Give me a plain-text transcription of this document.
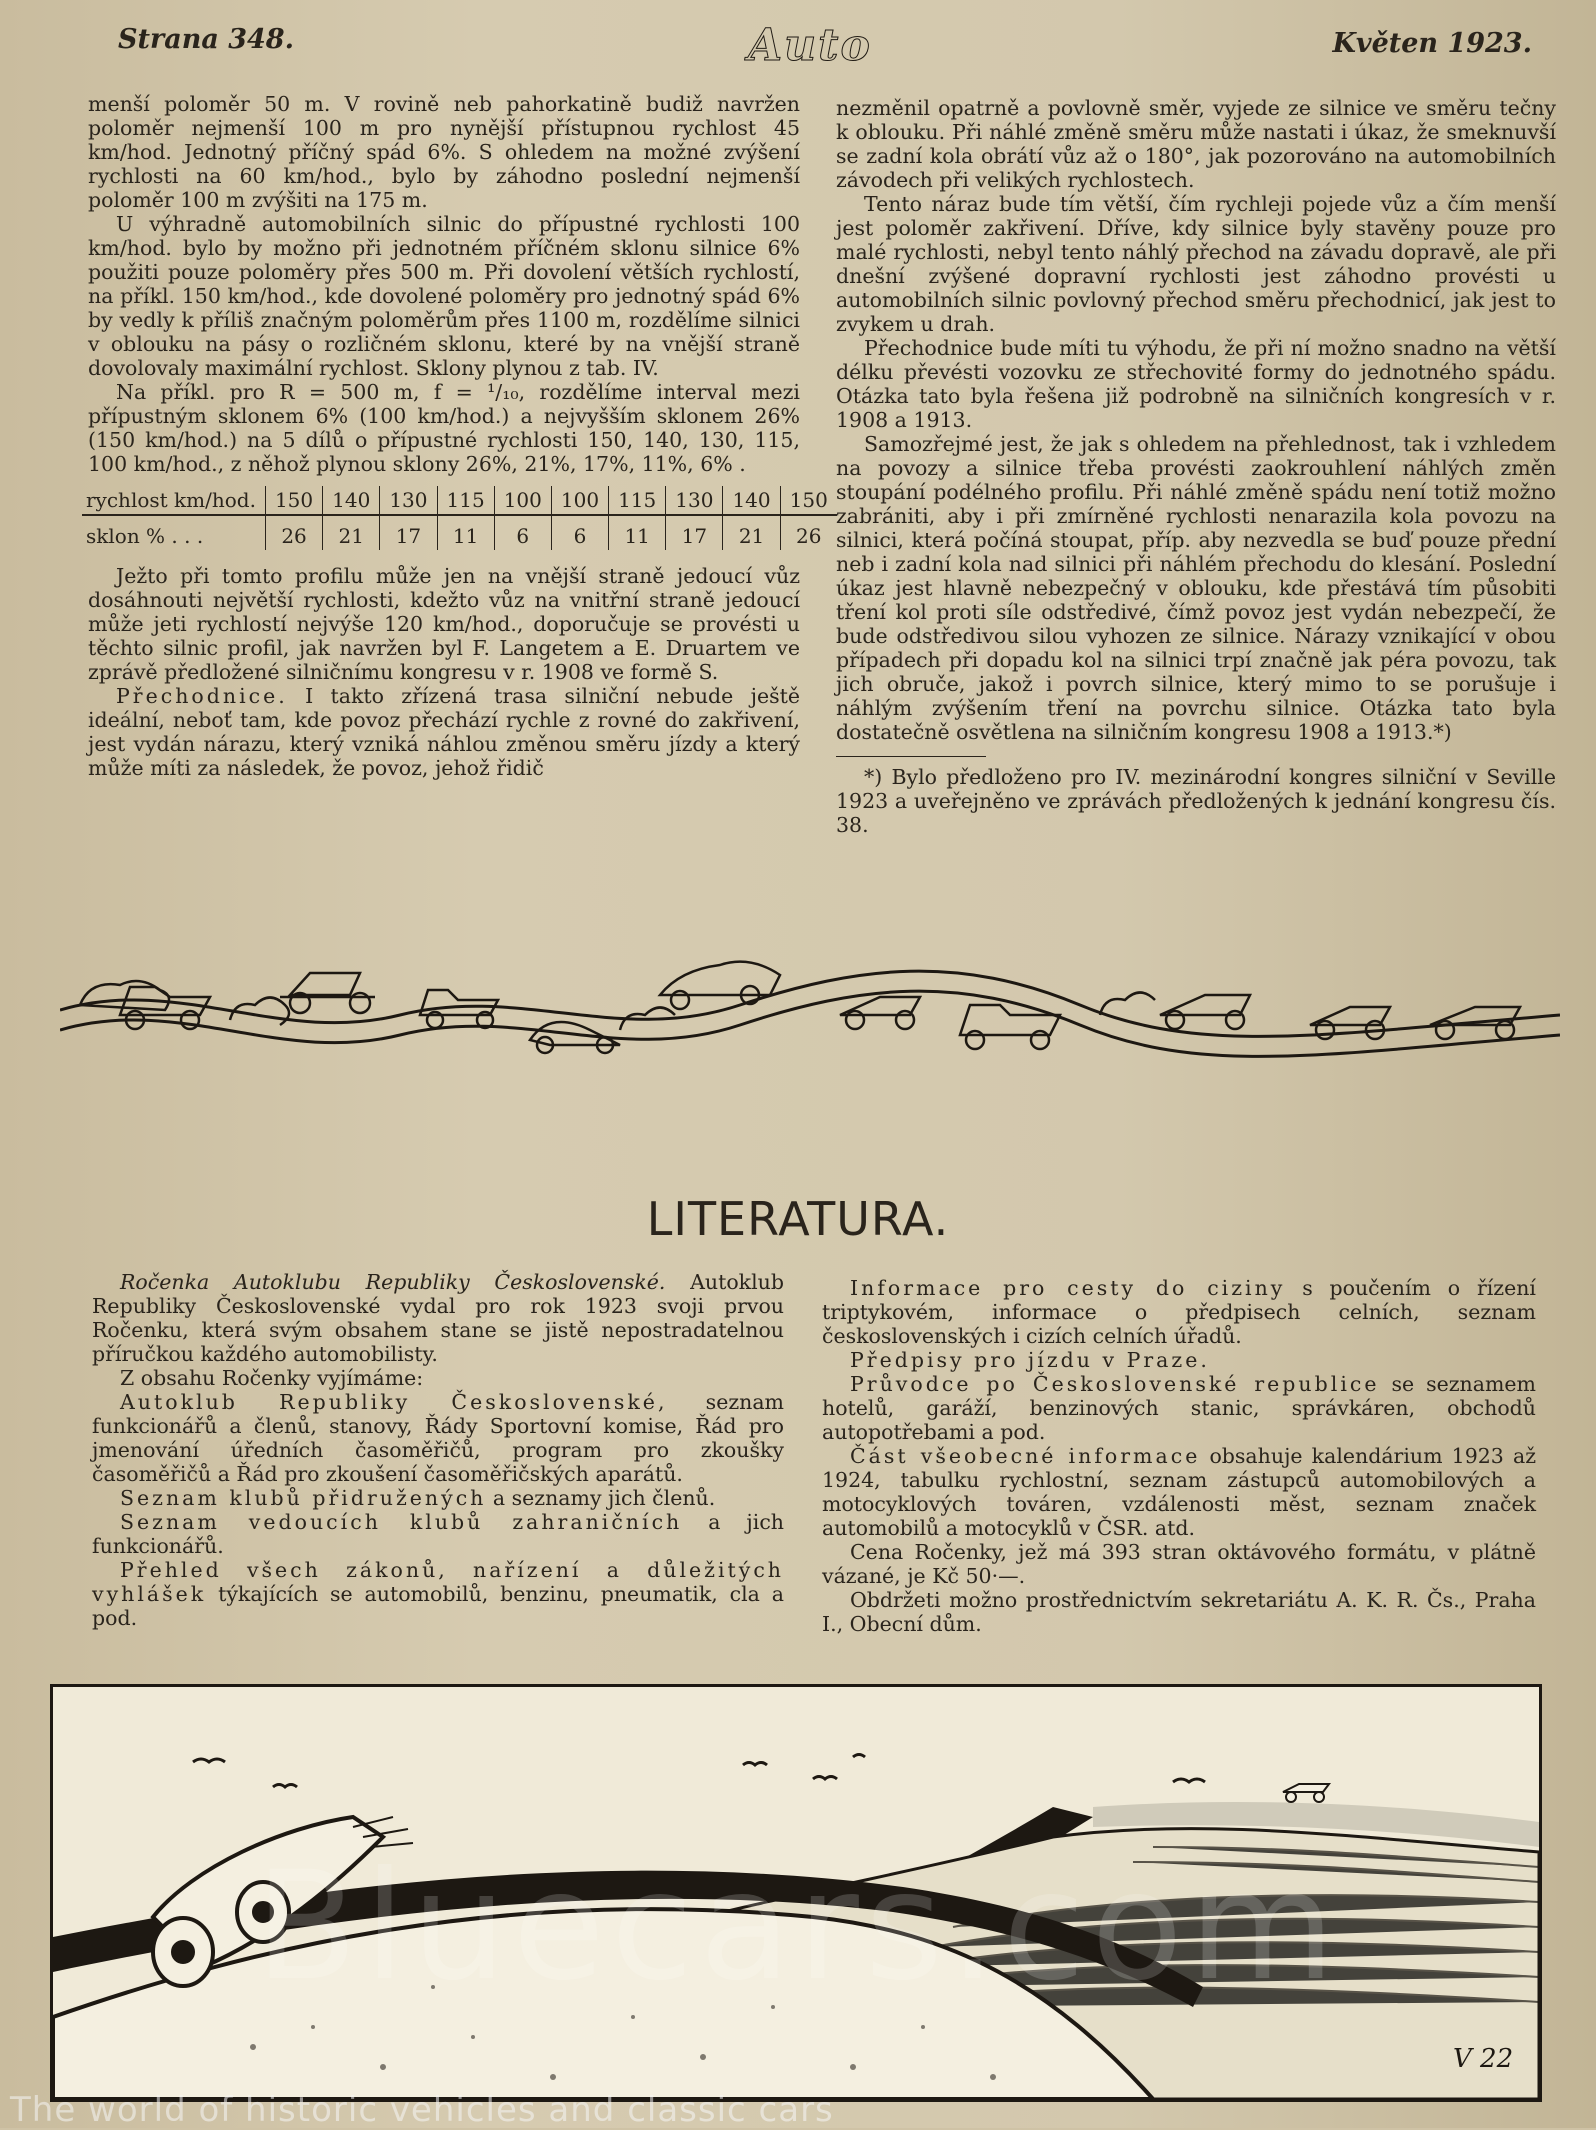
Strana 348.	Auto	Květen 1923.

menší poloměr 50 m. V rovině neb pahorkatině budiž navržen poloměr nejmenší 100 m pro nynější přístupnou rychlost 45 km/hod. Jednotný příčný spád 6%. S ohledem na možné zvýšení rychlosti na 60 km/hod., bylo by záhodno poslední nejmenší poloměr 100 m zvýšiti na 175 m.

U výhradně automobilních silnic do přípustné rychlosti 100 km/hod. bylo by možno při jednotném příčném sklonu silnice 6% použiti pouze poloměry přes 500 m. Při dovolení větších rychlostí, na příkl. 150 km/hod., kde dovolené poloměry pro jednotný spád 6% by vedly k příliš značným poloměrům přes 1100 m, rozdělíme silnici v oblouku na pásy o rozličném sklonu, které by na vnější straně dovolovaly maximální rychlost. Sklony plynou z tab. IV.

Na příkl. pro R = 500 m, f = ¹/₁₀, rozdělíme interval mezi přípustným sklonem 6% (100 km/hod.) a nejvyšším sklonem 26% (150 km/hod.) na 5 dílů o přípustné rychlosti 150, 140, 130, 115, 100 km/hod., z něhož plynou sklony 26%, 21%, 17%, 11%, 6% .

rychlost km/hod.	150	140	130	115	100	100	115	130	140	150
sklon % . . .	26	21	17	11	6	6	11	17	21	26

Ježto při tomto profilu může jen na vnější straně jedoucí vůz dosáhnouti největší rychlosti, kdežto vůz na vnitřní straně jedoucí může jeti rychlostí nejvýše 120 km/hod., doporučuje se provésti u těchto silnic profil, jak navržen byl F. Langetem a E. Druartem ve zprávě předložené silničnímu kongresu v r. 1908 ve formě S.

Přechodnice. I takto zřízená trasa silniční nebude ještě ideální, neboť tam, kde povoz přechází rychle z rovné do zakřivení, jest vydán nárazu, který vzniká náhlou změnou směru jízdy a který může míti za následek, že povoz, jehož řidič

nezměnil opatrně a povlovně směr, vyjede ze silnice ve směru tečny k oblouku. Při náhlé změně směru může nastati i úkaz, že smeknuvší se zadní kola obrátí vůz až o 180°, jak pozorováno na automobilních závodech při velikých rychlostech.

Tento náraz bude tím větší, čím rychleji pojede vůz a čím menší jest poloměr zakřivení. Dříve, kdy silnice byly stavěny pouze pro malé rychlosti, nebyl tento náhlý přechod na závadu dopravě, ale při dnešní zvýšené dopravní rychlosti jest záhodno provésti u automobilních silnic povlovný přechod směru přechodnicí, jak jest to zvykem u drah.

Přechodnice bude míti tu výhodu, že při ní možno snadno na větší délku převésti vozovku ze střechovité formy do jednotného spádu. Otázka tato byla řešena již podrobně na silničních kongresích v r. 1908 a 1913.

Samozřejmé jest, že jak s ohledem na přehlednost, tak i vzhledem na povozy a silnice třeba provésti zaokrouhlení náhlých změn stoupání podélného profilu. Při náhlé změně spádu není totiž možno zabrániti, aby i při zmírněné rychlosti nenarazila kola povozu na silnici, která počíná stoupat, příp. aby nezvedla se buď pouze přední neb i zadní kola nad silnici při náhlém přechodu do klesání. Poslední úkaz jest hlavně nebezpečný v oblouku, kde přestává tím působiti tření kol proti síle odstředivé, čímž povoz jest vydán nebezpečí, že bude odstředivou silou vyhozen ze silnice. Nárazy vznikající v obou případech při dopadu kol na silnici trpí značně jak péra povozu, tak jich obruče, jakož i povrch silnice, který mimo to se porušuje i náhlým zvýšením tření na povrchu silnice. Otázka tato byla dostatečně osvětlena na silničním kongresu 1908 a 1913.*)

*) Bylo předloženo pro IV. mezinárodní kongres silniční v Seville 1923 a uveřejněno ve zprávách předložených k jednání kongresu čís. 38.

LITERATURA.

Ročenka Autoklubu Republiky Československé. Autoklub Republiky Československé vydal pro rok 1923 svoji prvou Ročenku, která svým obsahem stane se jistě nepostradatelnou příručkou každého automobilisty.

Z obsahu Ročenky vyjímáme:

Autoklub Republiky Československé, seznam funkcionářů a členů, stanovy, Řády Sportovní komise, Řád pro jmenování úředních časoměřičů, program pro zkoušky časoměřičů a Řád pro zkoušení časoměřičských aparátů.

Seznam klubů přidružených a seznamy jich členů.

Seznam vedoucích klubů zahraničních a jich funkcionářů.

Přehled všech zákonů, nařízení a důležitých vyhlášek týkajících se automobilů, benzinu, pneumatik, cla a pod.

Informace pro cesty do ciziny s poučením o řízení triptykovém, informace o předpisech celních, seznam československých i cizích celních úřadů.

Předpisy pro jízdu v Praze.

Průvodce po Československé republice se seznamem hotelů, garáží, benzinových stanic, správkáren, obchodů autopotřebami a pod.

Část všeobecné informace obsahuje kalendárium 1923 až 1924, tabulku rychlostní, seznam zástupců automobilových a motocyklových továren, vzdálenosti měst, seznam značek automobilů a motocyklů v ČSR. atd.

Cena Ročenky, jež má 393 stran oktávového formátu, v plátně vázané, je Kč 50·—.

Obdržeti možno prostřednictvím sekretariátu A. K. R. Čs., Praha I., Obecní dům.

V 22
The world of historic vehicles and classic cars
